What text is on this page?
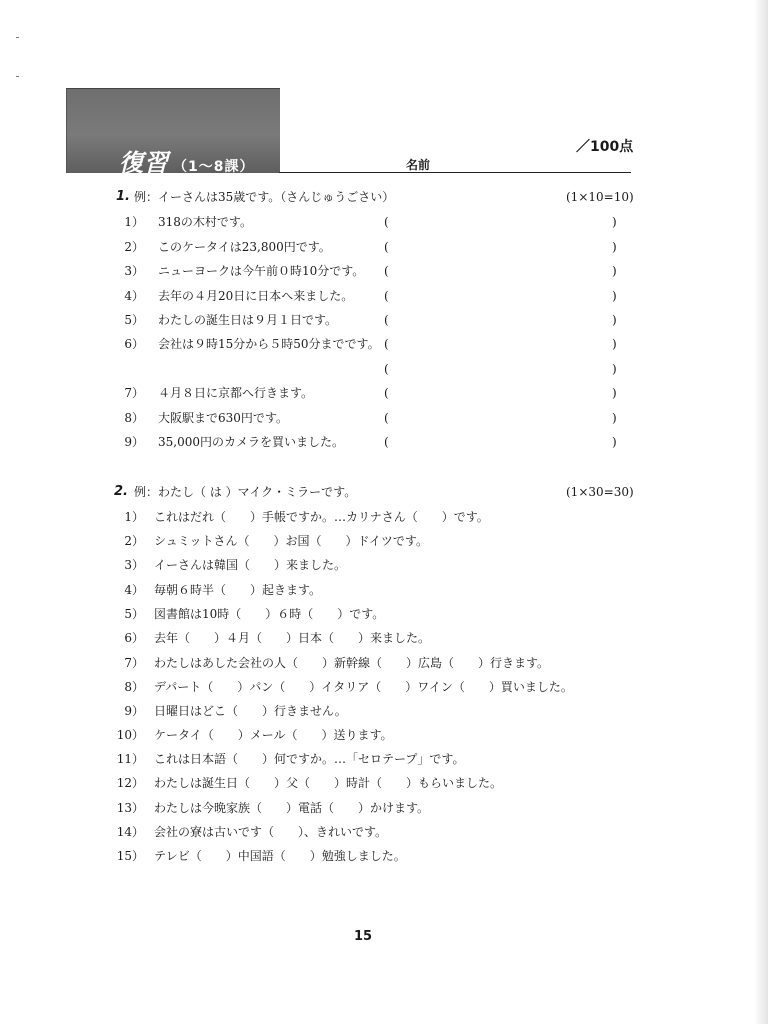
復習 （1〜8課）
／100点
名前
1. 例：イーさんは35歳です。（さんじゅうごさい）	(1×10=10)
1） 318の木村です。	(	)
2） このケータイは23,800円です。	(	)
3） ニューヨークは今午前０時10分です。 (	)
4） 去年の４月20日に日本へ来ました。	(	)
5） わたしの誕生日は９月１日です。	(	)
6） 会社は９時15分から５時50分までです。 (	)
(	)
7） ４月８日に京都へ行きます。	(	)
8） 大阪駅まで630円です。	(	)
9） 35,000円のカメラを買いました。	(	)
2. 例：わたし（ は ）マイク・ミラーです。	(1×30=30)
1） これはだれ（　　）手帳ですか。…カリナさん（　　）です。
2） シュミットさん（　　）お国（　　）ドイツです。
3） イーさんは韓国（　　）来ました。
4） 毎朝６時半（　　）起きます。
5） 図書館は10時（　　）６時（　　）です。
6） 去年（　　）４月（　　）日本（　　）来ました。
7） わたしはあした会社の人（　　）新幹線（　　）広島（　　）行きます。
8） デパート（　　）パン（　　）イタリア（　　）ワイン（　　）買いました。
9） 日曜日はどこ（　　）行きません。
10） ケータイ（　　）メール（　　）送ります。
11） これは日本語（　　）何ですか。…「セロテープ」です。
12） わたしは誕生日（　　）父（　　）時計（　　）もらいました。
13） わたしは今晩家族（　　）電話（　　）かけます。
14） 会社の寮は古いです（　　）、きれいです。
15） テレビ（　　）中国語（　　）勉強しました。
15
